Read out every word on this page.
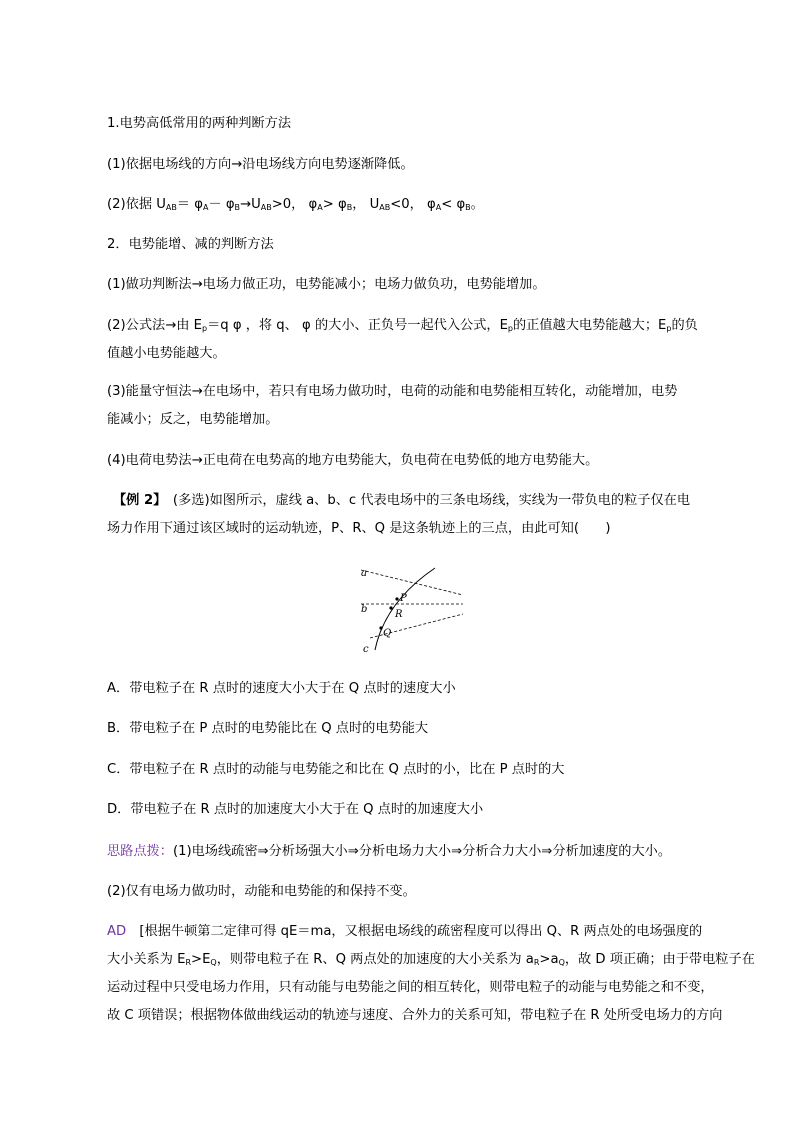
1.电势高低常用的两种判断方法
(1)依据电场线的方向→沿电场线方向电势逐渐降低。
(2)依据 $U_{AB}= \varphi_A- \varphi_B\to U_{AB}>0$， $\varphi_A> \varphi_B$， $U_{AB}<0$， $\varphi_A< \varphi_B$。
2．电势能增、减的判断方法
(1)做功判断法→电场力做正功，电势能减小；电场力做负功，电势能增加。
(2)公式法→由 $E_p=q$ φ ，将 q、 φ 的大小、正负号一起代入公式，$E_p$的正值越大电势能越大；$E_p$的负
值越小电势能越大。
(3)能量守恒法→在电场中，若只有电场力做功时，电荷的动能和电势能相互转化，动能增加，电势
能减小；反之，电势能增加。
(4)电荷电势法→正电荷在电势高的地方电势能大，负电荷在电势低的地方电势能大。
【例 2】　(多选)如图所示，虚线 a、b、c 代表电场中的三条电场线，实线为一带负电的粒子仅在电
场力作用下通过该区域时的运动轨迹，P、R、Q 是这条轨迹上的三点，由此可知(　　)
a
b
c
P
R
Q
A．带电粒子在 R 点时的速度大小大于在 Q 点时的速度大小
B．带电粒子在 P 点时的电势能比在 Q 点时的电势能大
C．带电粒子在 R 点时的动能与电势能之和比在 Q 点时的小，比在 P 点时的大
D．带电粒子在 R 点时的加速度大小大于在 Q 点时的加速度大小
思路点拨：(1)电场线疏密⇒分析场强大小⇒分析电场力大小⇒分析合力大小⇒分析加速度的大小。
(2)仅有电场力做功时，动能和电势能的和保持不变。
AD　[根据牛顿第二定律可得 qE＝ma，又根据电场线的疏密程度可以得出 Q、R 两点处的电场强度的
大小关系为 $E_R>E_Q$，则带电粒子在 R、Q 两点处的加速度的大小关系为 $a_R>a_Q$，故 D 项正确；由于带电粒子在
运动过程中只受电场力作用，只有动能与电势能之间的相互转化，则带电粒子的动能与电势能之和不变，
故 C 项错误；根据物体做曲线运动的轨迹与速度、合外力的关系可知，带电粒子在 R 处所受电场力的方向
